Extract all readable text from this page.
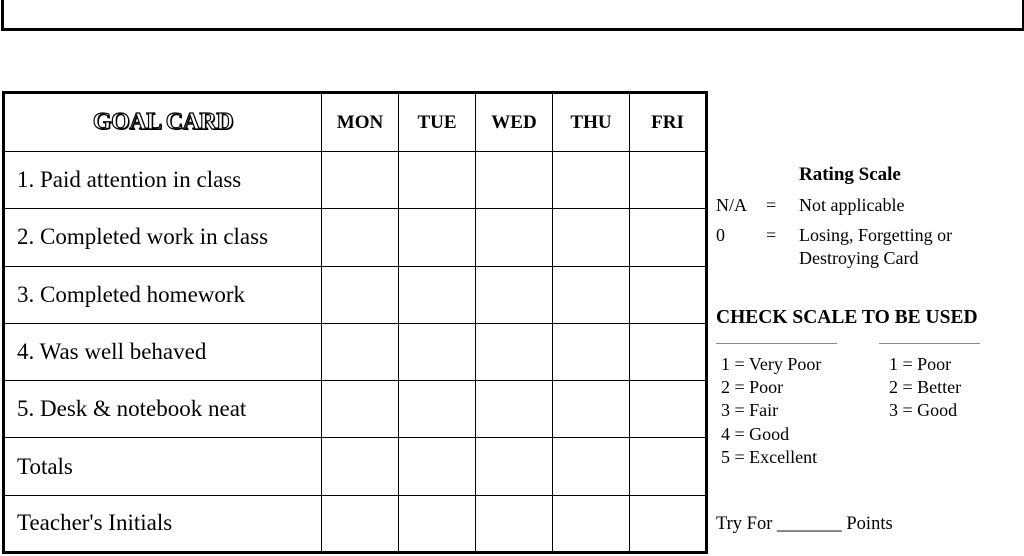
GOAL CARD	MON	TUE	WED	THU	FRI
1. Paid attention in class					
2. Completed work in class					
3. Completed homework					
4. Was well behaved					
5. Desk & notebook neat					
Totals					
Teacher's Initials					
Rating Scale
N/A = Not applicable
0 = Losing, Forgetting or
Destroying Card
CHECK SCALE TO BE USED
1 = Very Poor
2 = Poor
3 = Fair
4 = Good
5 = Excellent
1 = Poor
2 = Better
3 = Good
Try For _______ Points
